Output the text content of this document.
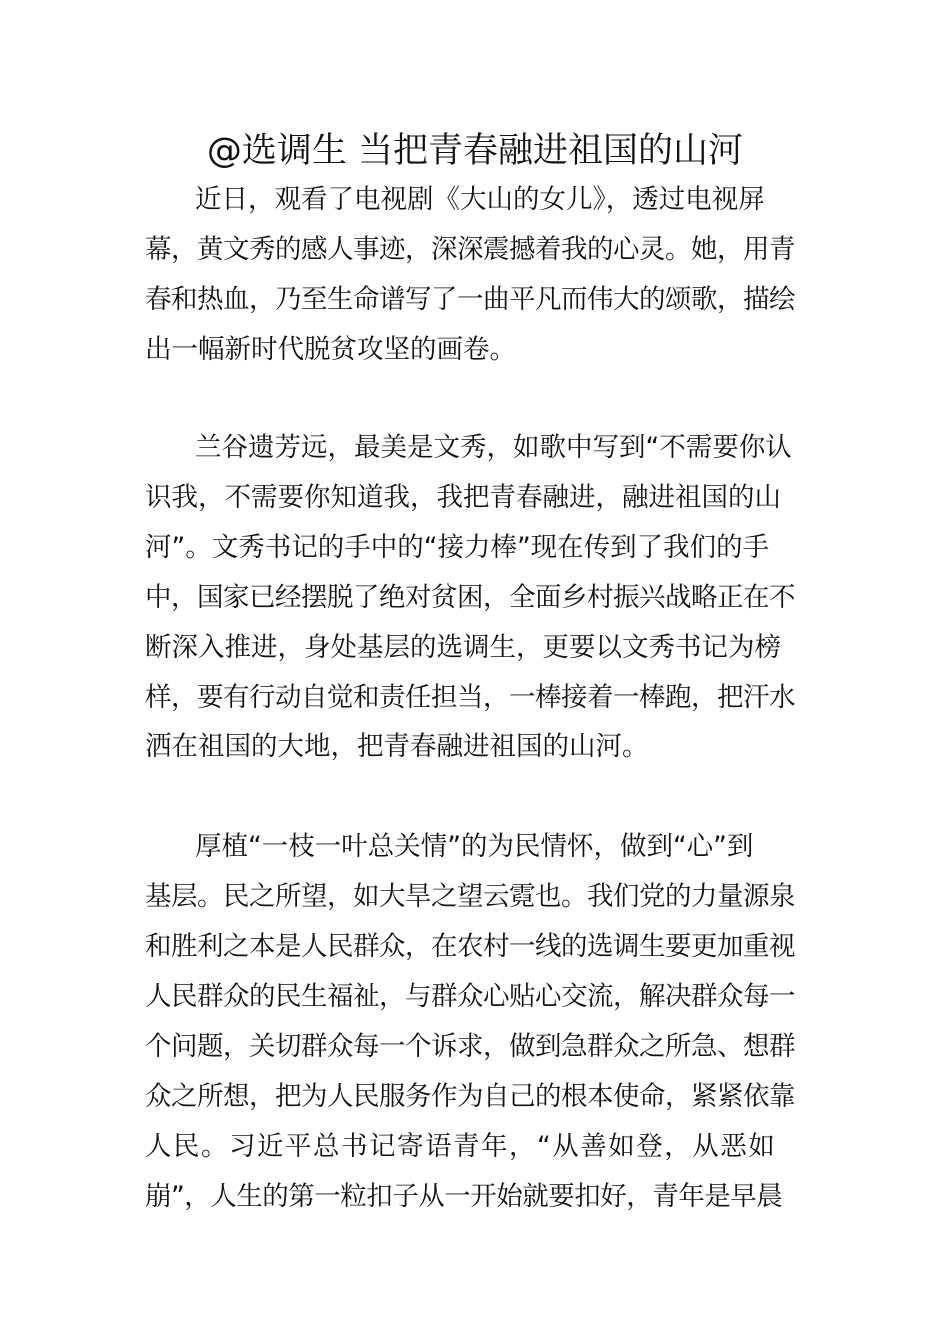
@选调生 当把青春融进祖国的山河
近日，观看了电视剧《大山的女儿》，透过电视屏
幕，黄文秀的感人事迹，深深震撼着我的心灵。她，用青
春和热血，乃至生命谱写了一曲平凡而伟大的颂歌，描绘
出一幅新时代脱贫攻坚的画卷。
兰谷遗芳远，最美是文秀，如歌中写到“不需要你认
识我，不需要你知道我，我把青春融进，融进祖国的山
河”。文秀书记的手中的“接力棒”现在传到了我们的手
中，国家已经摆脱了绝对贫困，全面乡村振兴战略正在不
断深入推进，身处基层的选调生，更要以文秀书记为榜
样，要有行动自觉和责任担当，一棒接着一棒跑，把汗水
洒在祖国的大地，把青春融进祖国的山河。
厚植“一枝一叶总关情”的为民情怀，做到“心”到
基层。民之所望，如大旱之望云霓也。我们党的力量源泉
和胜利之本是人民群众，在农村一线的选调生要更加重视
人民群众的民生福祉，与群众心贴心交流，解决群众每一
个问题，关切群众每一个诉求，做到急群众之所急、想群
众之所想，把为人民服务作为自己的根本使命，紧紧依靠
人民。习近平总书记寄语青年，“从善如登，从恶如
崩”，人生的第一粒扣子从一开始就要扣好，青年是早晨
